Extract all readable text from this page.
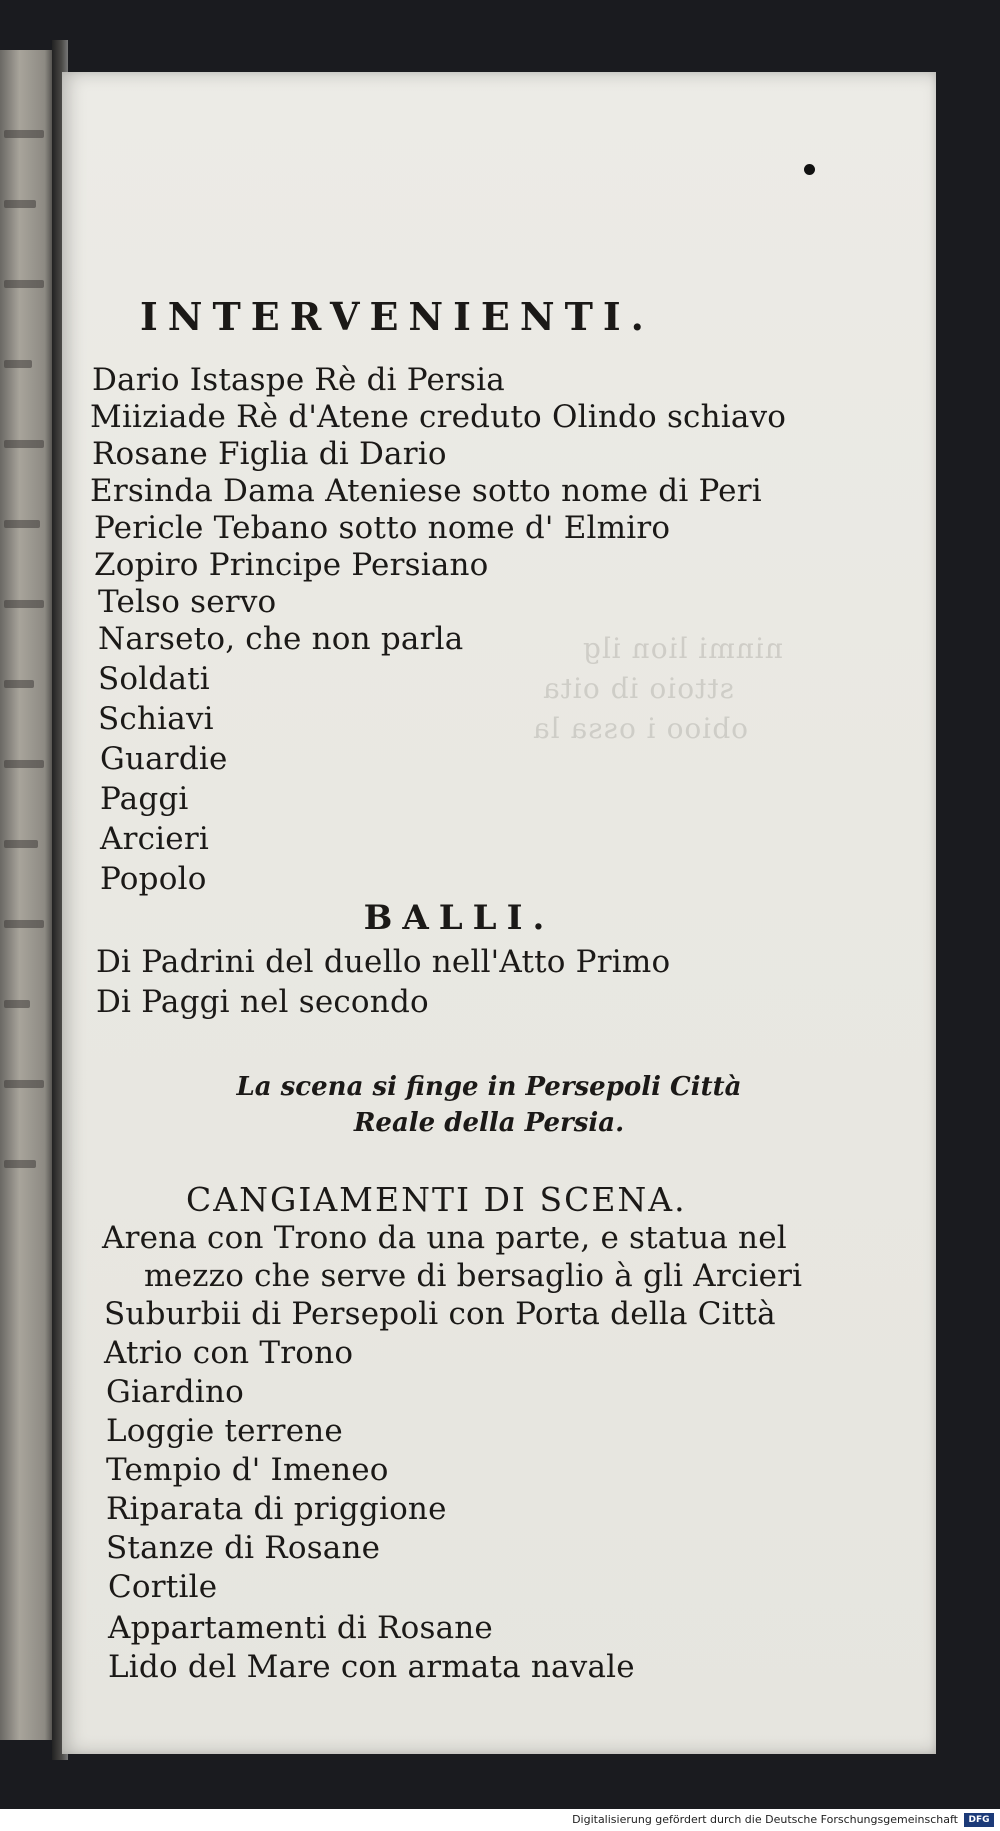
ninmi lion ilg
sttoio ib oita
obioo i ossa la
INTERVENIENTI.
Dario Istaspe Rè di Persia
Miiziade Rè d'Atene creduto Olindo schiavo
Rosane Figlia di Dario
Ersinda Dama Ateniese sotto nome di Peri
Pericle Tebano sotto nome d' Elmiro
Zopiro Principe Persiano
Telso servo
Narseto, che non parla
Soldati
Schiavi
Guardie
Paggi
Arcieri
Popolo
BALLI.
Di Padrini del duello nell'Atto Primo
Di Paggi nel secondo
La scena si finge in Persepoli Città
Reale della Persia.
CANGIAMENTI DI SCENA.
Arena con Trono da una parte, e statua nel
mezzo che serve di bersaglio à gli Arcieri
Suburbii di Persepoli con Porta della Città
Atrio con Trono
Giardino
Loggie terrene
Tempio d' Imeneo
Riparata di priggione
Stanze di Rosane
Cortile
Appartamenti di Rosane
Lido del Mare con armata navale
Digitalisierung gefördert durch die Deutsche Forschungsgemeinschaft	DFG
